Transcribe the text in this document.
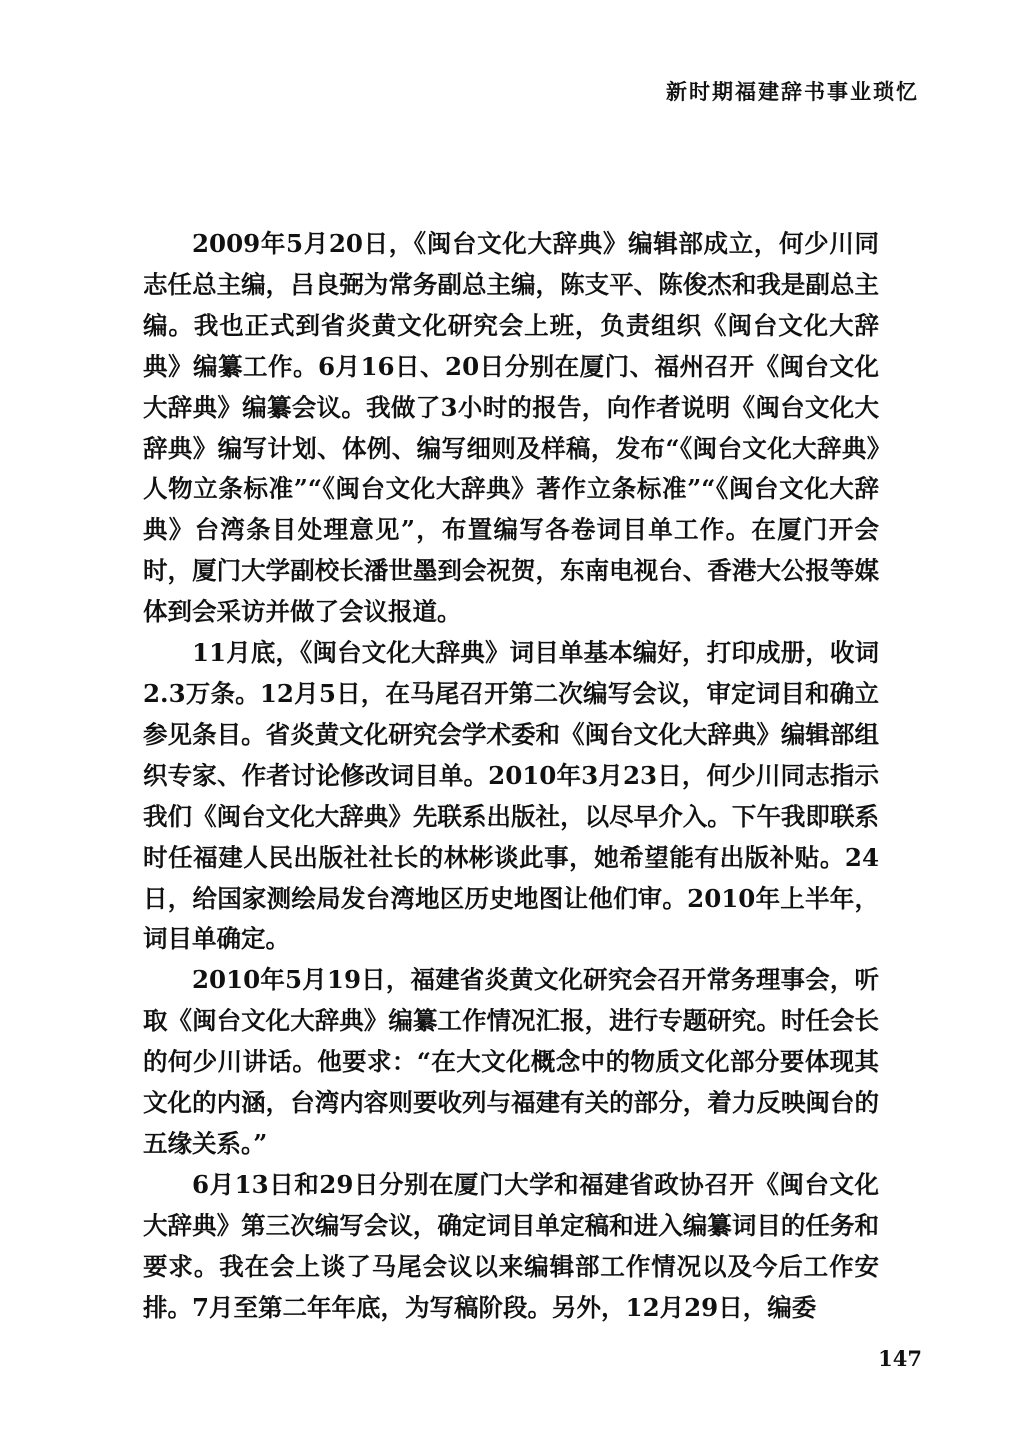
新时期福建辞书事业琐忆

2009年5月20日，《闽台文化大辞典》编辑部成立，何少川同志任总主编，吕良弼为常务副总主编，陈支平、陈俊杰和我是副总主编。我也正式到省炎黄文化研究会上班，负责组织《闽台文化大辞典》编纂工作。6月16日、20日分别在厦门、福州召开《闽台文化大辞典》编纂会议。我做了3小时的报告，向作者说明《闽台文化大辞典》编写计划、体例、编写细则及样稿，发布“《闽台文化大辞典》人物立条标准”“《闽台文化大辞典》著作立条标准”“《闽台文化大辞典》台湾条目处理意见”，布置编写各卷词目单工作。在厦门开会时，厦门大学副校长潘世墨到会祝贺，东南电视台、香港大公报等媒体到会采访并做了会议报道。

11月底，《闽台文化大辞典》词目单基本编好，打印成册，收词2.3万条。12月5日，在马尾召开第二次编写会议，审定词目和确立参见条目。省炎黄文化研究会学术委和《闽台文化大辞典》编辑部组织专家、作者讨论修改词目单。2010年3月23日，何少川同志指示我们《闽台文化大辞典》先联系出版社，以尽早介入。下午我即联系时任福建人民出版社社长的林彬谈此事，她希望能有出版补贴。24日，给国家测绘局发台湾地区历史地图让他们审。2010年上半年，词目单确定。

2010年5月19日，福建省炎黄文化研究会召开常务理事会，听取《闽台文化大辞典》编纂工作情况汇报，进行专题研究。时任会长的何少川讲话。他要求：“在大文化概念中的物质文化部分要体现其文化的内涵，台湾内容则要收列与福建有关的部分，着力反映闽台的五缘关系。”

6月13日和29日分别在厦门大学和福建省政协召开《闽台文化大辞典》第三次编写会议，确定词目单定稿和进入编纂词目的任务和要求。我在会上谈了马尾会议以来编辑部工作情况以及今后工作安排。7月至第二年年底，为写稿阶段。另外，12月29日，编委

147
